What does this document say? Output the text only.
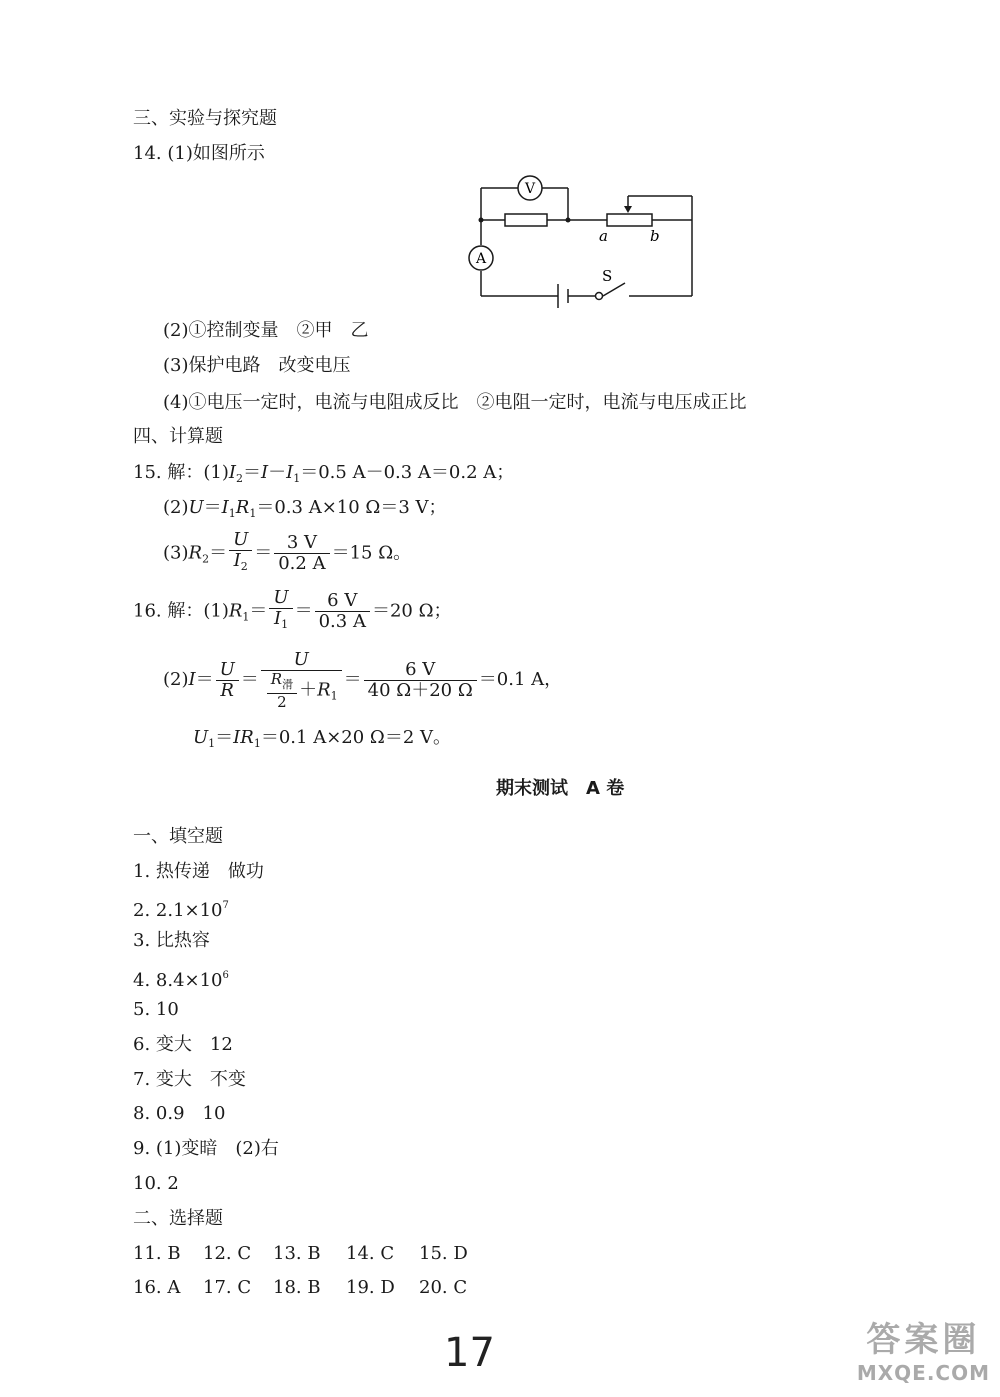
三、实验与探究题
14. (1)如图所示
V
A
S
a	b
(2)①控制变量　②甲　乙
(3)保护电路　改变电压
(4)①电压一定时，电流与电阻成反比　②电阻一定时，电流与电压成正比
四、计算题
15. 解：$(1)I_2=I-I_1=0.5$ A－0.3 A＝0.2 A；
$(2)U=I_1R_1=0.3$ A×10 Ω＝3 V；
$(3)R_2= \frac{U}{I_2} = \frac{3 V}{0.2 A} =15$ Ω。
16. 解：$(1)R_1= \frac{U}{I_1} = \frac{6 V}{0.3 A} =20$ Ω；
$(2)I= \frac{U}{R} = \frac{U}{\frac{R_滑}{2} +R_1} = \frac{6 V}{40 \Omega+20 \Omega} =0.1$ A，
$U_1=IR_1=0.1$ A×20 Ω＝2 V。
期末测试　A 卷
一、填空题
1. 热传递　做功
2. $2.1\times 10^7$
3. 比热容
4. $8.4\times 10^6$
5. 10
6. 变大　12
7. 变大　不变
8. 0.9　10
9. (1)变暗　(2)右
10. 2
二、选择题
11. B 12. C 13. B 14. C 15. D
16. A 17. C 18. B 19. D 20. C
17	答案圈
MXQE.COM
